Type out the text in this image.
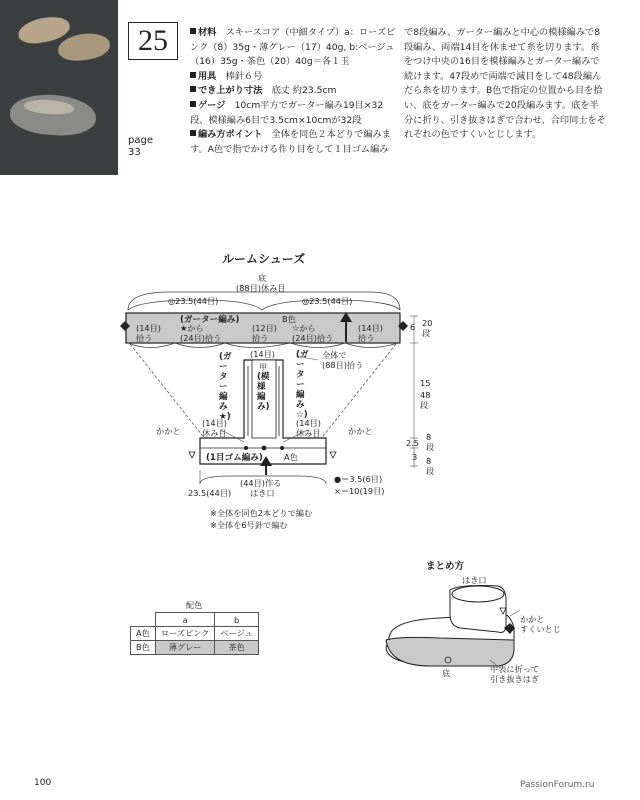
25
page
33
材料　 スキースコア（中細タイプ）a：ローズピ
ンク（8）35g・薄グレー（17）40g, b:ベージュ
（16）35g・茶色（20）40g＝各１玉
用具　 棒針６号
でき上がり寸法　 底丈 約23.5cm
ゲージ　 10cm平方でガーター編み19目×32
段、模様編み6目で3.5cm×10cmが32段
編み方ポイント　 全体を同色２本どりで編みま
す。A色で指でかける作り目をして１目ゴム編み
で8段編み、ガーター編みと中心の模様編みで8
段編み、両端14目を休ませて糸を切ります。糸
をつけ中央の16目を模様編みとガーター編みで
続けます。47段めで両端で減目をして48段編ん
だら糸を切ります。B色で指定の位置から目を拾
い、底をガーター編みで20段編みます。底を半
分に折り、引き抜きはぎで合わせ、合印同士をそ
れぞれの色ですくいとじします。
ルームシューズ
底
(88目)休み目
◎23.5(44目)	◎23.5(44目)
(ガーター編み)	B色
(14目)
拾う
★から
(24目)拾う
(12目)
拾う
☆から
(24目)拾う
(14目)
拾う
(14目)	全体で
(88目)拾う
甲
(模様編み)
(ガーター編み★)
(ガーター編み☆)
(14目)
休み目
(14目)
休み目
かかと	かかと
(1目ゴム編み)	A色
(44目)作る
23.5(44目) はき口
●＝3.5(6目)
×＝10(19目)
6 20
段
15
48
段
2.5
3
8
段
8
段
※全体を同色2本どりで編む
※全体を6号針で編む
まとめ方
はき口
かかと
すくいとじ
中表に折って
引き抜きはぎ
底
配色
	a	b
A色	ローズピンク	ベージュ
B色	薄グレー	茶色
100	PassionForum.ru
